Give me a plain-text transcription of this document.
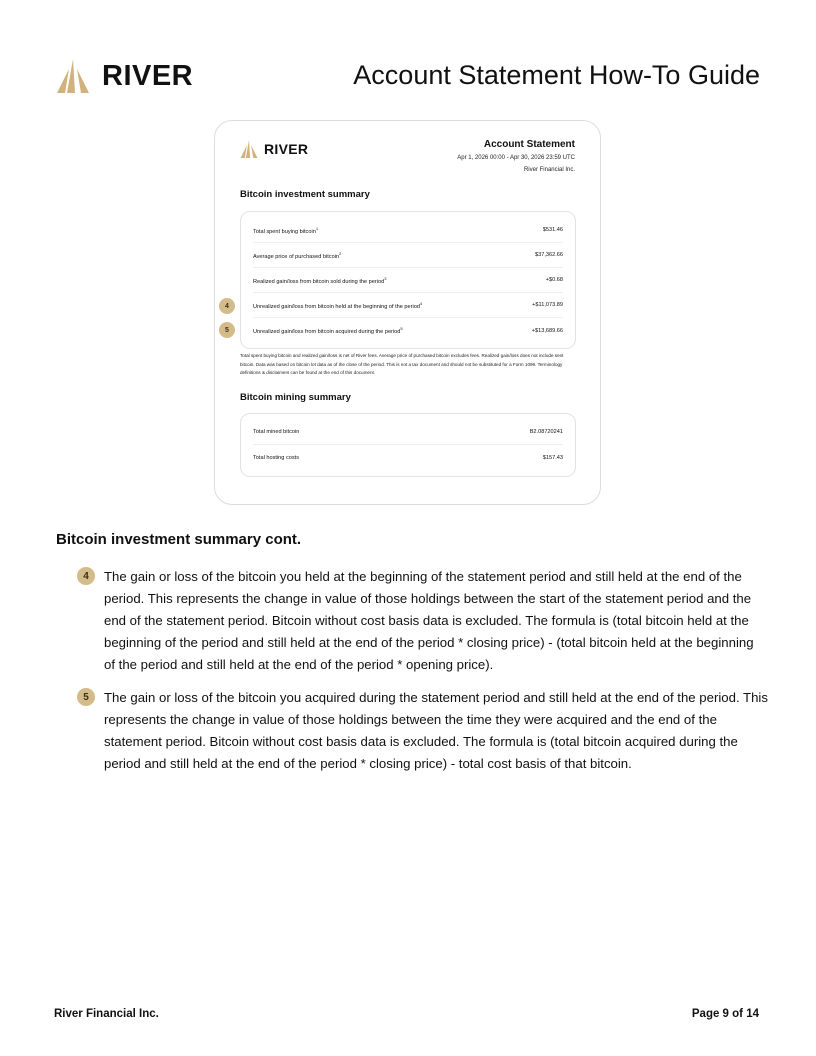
RIVER	Account Statement How-To Guide
RIVER	Account Statement
Apr 1, 2026 00:00 - Apr 30, 2026 23:59 UTC
River Financial Inc.
Bitcoin investment summary
Total spent buying bitcoin$^1$	$531.46
Average price of purchased bitcoin$^2$	$37,362.66
Realized gain/loss from bitcoin sold during the period$^3$	+$0.68
Unrealized gain/loss from bitcoin held at the beginning of the period$^4$	+$11,073.89
Unrealized gain/loss from bitcoin acquired during the period$^5$	+$13,689.66
Total spent buying bitcoin and realized gain/loss is net of River fees. Average price of purchased bitcoin excludes fees. Realized gain/loss does not include sent bitcoin. Data was based on bitcoin lot data as of the close of the period. This is not a tax document and should not be substituted for a Form 1099. Terminology definitions & disclaimers can be found at the end of this document.
Bitcoin mining summary
Total mined bitcoin	B2.08720241
Total hosting costs	$157.43
4
5
Bitcoin investment summary cont.
4	The gain or loss of the bitcoin you held at the beginning of the statement period and still held at the end of the period. This represents the change in value of those holdings between the start of the statement period and the end of the statement period. Bitcoin without cost basis data is excluded. The formula is (total bitcoin held at the beginning of the period and still held at the end of the period * closing price) - (total bitcoin held at the beginning of the period and still held at the end of the period * opening price).
5	The gain or loss of the bitcoin you acquired during the statement period and still held at the end of the period. This represents the change in value of those holdings between the time they were acquired and the end of the statement period. Bitcoin without cost basis data is excluded. The formula is (total bitcoin acquired during the period and still held at the end of the period * closing price) - total cost basis of that bitcoin.
River Financial Inc.	Page 9 of 14
